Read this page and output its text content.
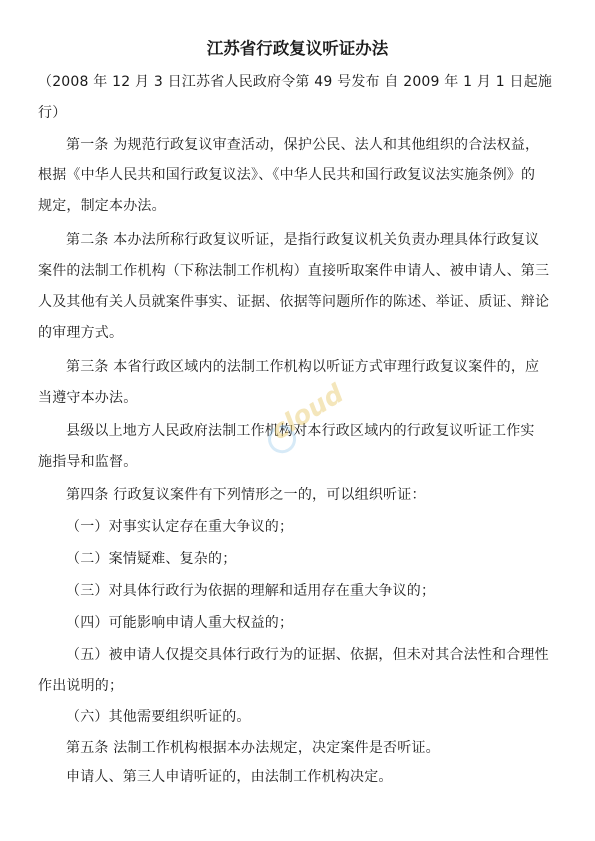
江苏省行政复议听证办法
（2008 年 12 月 3 日江苏省人民政府令第 49 号发布 自 2009 年 1 月 1 日起施
行）
第一条 为规范行政复议审查活动，保护公民、法人和其他组织的合法权益，
根据《中华人民共和国行政复议法》、《中华人民共和国行政复议法实施条例》的
规定，制定本办法。
第二条 本办法所称行政复议听证，是指行政复议机关负责办理具体行政复议
案件的法制工作机构（下称法制工作机构）直接听取案件申请人、被申请人、第三
人及其他有关人员就案件事实、证据、依据等问题所作的陈述、举证、质证、辩论
的审理方式。
第三条 本省行政区域内的法制工作机构以听证方式审理行政复议案件的，应
当遵守本办法。
县级以上地方人民政府法制工作机构对本行政区域内的行政复议听证工作实
施指导和监督。
第四条 行政复议案件有下列情形之一的，可以组织听证：
（一）对事实认定存在重大争议的；
（二）案情疑难、复杂的；
（三）对具体行政行为依据的理解和适用存在重大争议的；
（四）可能影响申请人重大权益的；
（五）被申请人仅提交具体行政行为的证据、依据，但未对其合法性和合理性
作出说明的；
（六）其他需要组织听证的。
第五条 法制工作机构根据本办法规定，决定案件是否听证。
申请人、第三人申请听证的，由法制工作机构决定。
cloud
